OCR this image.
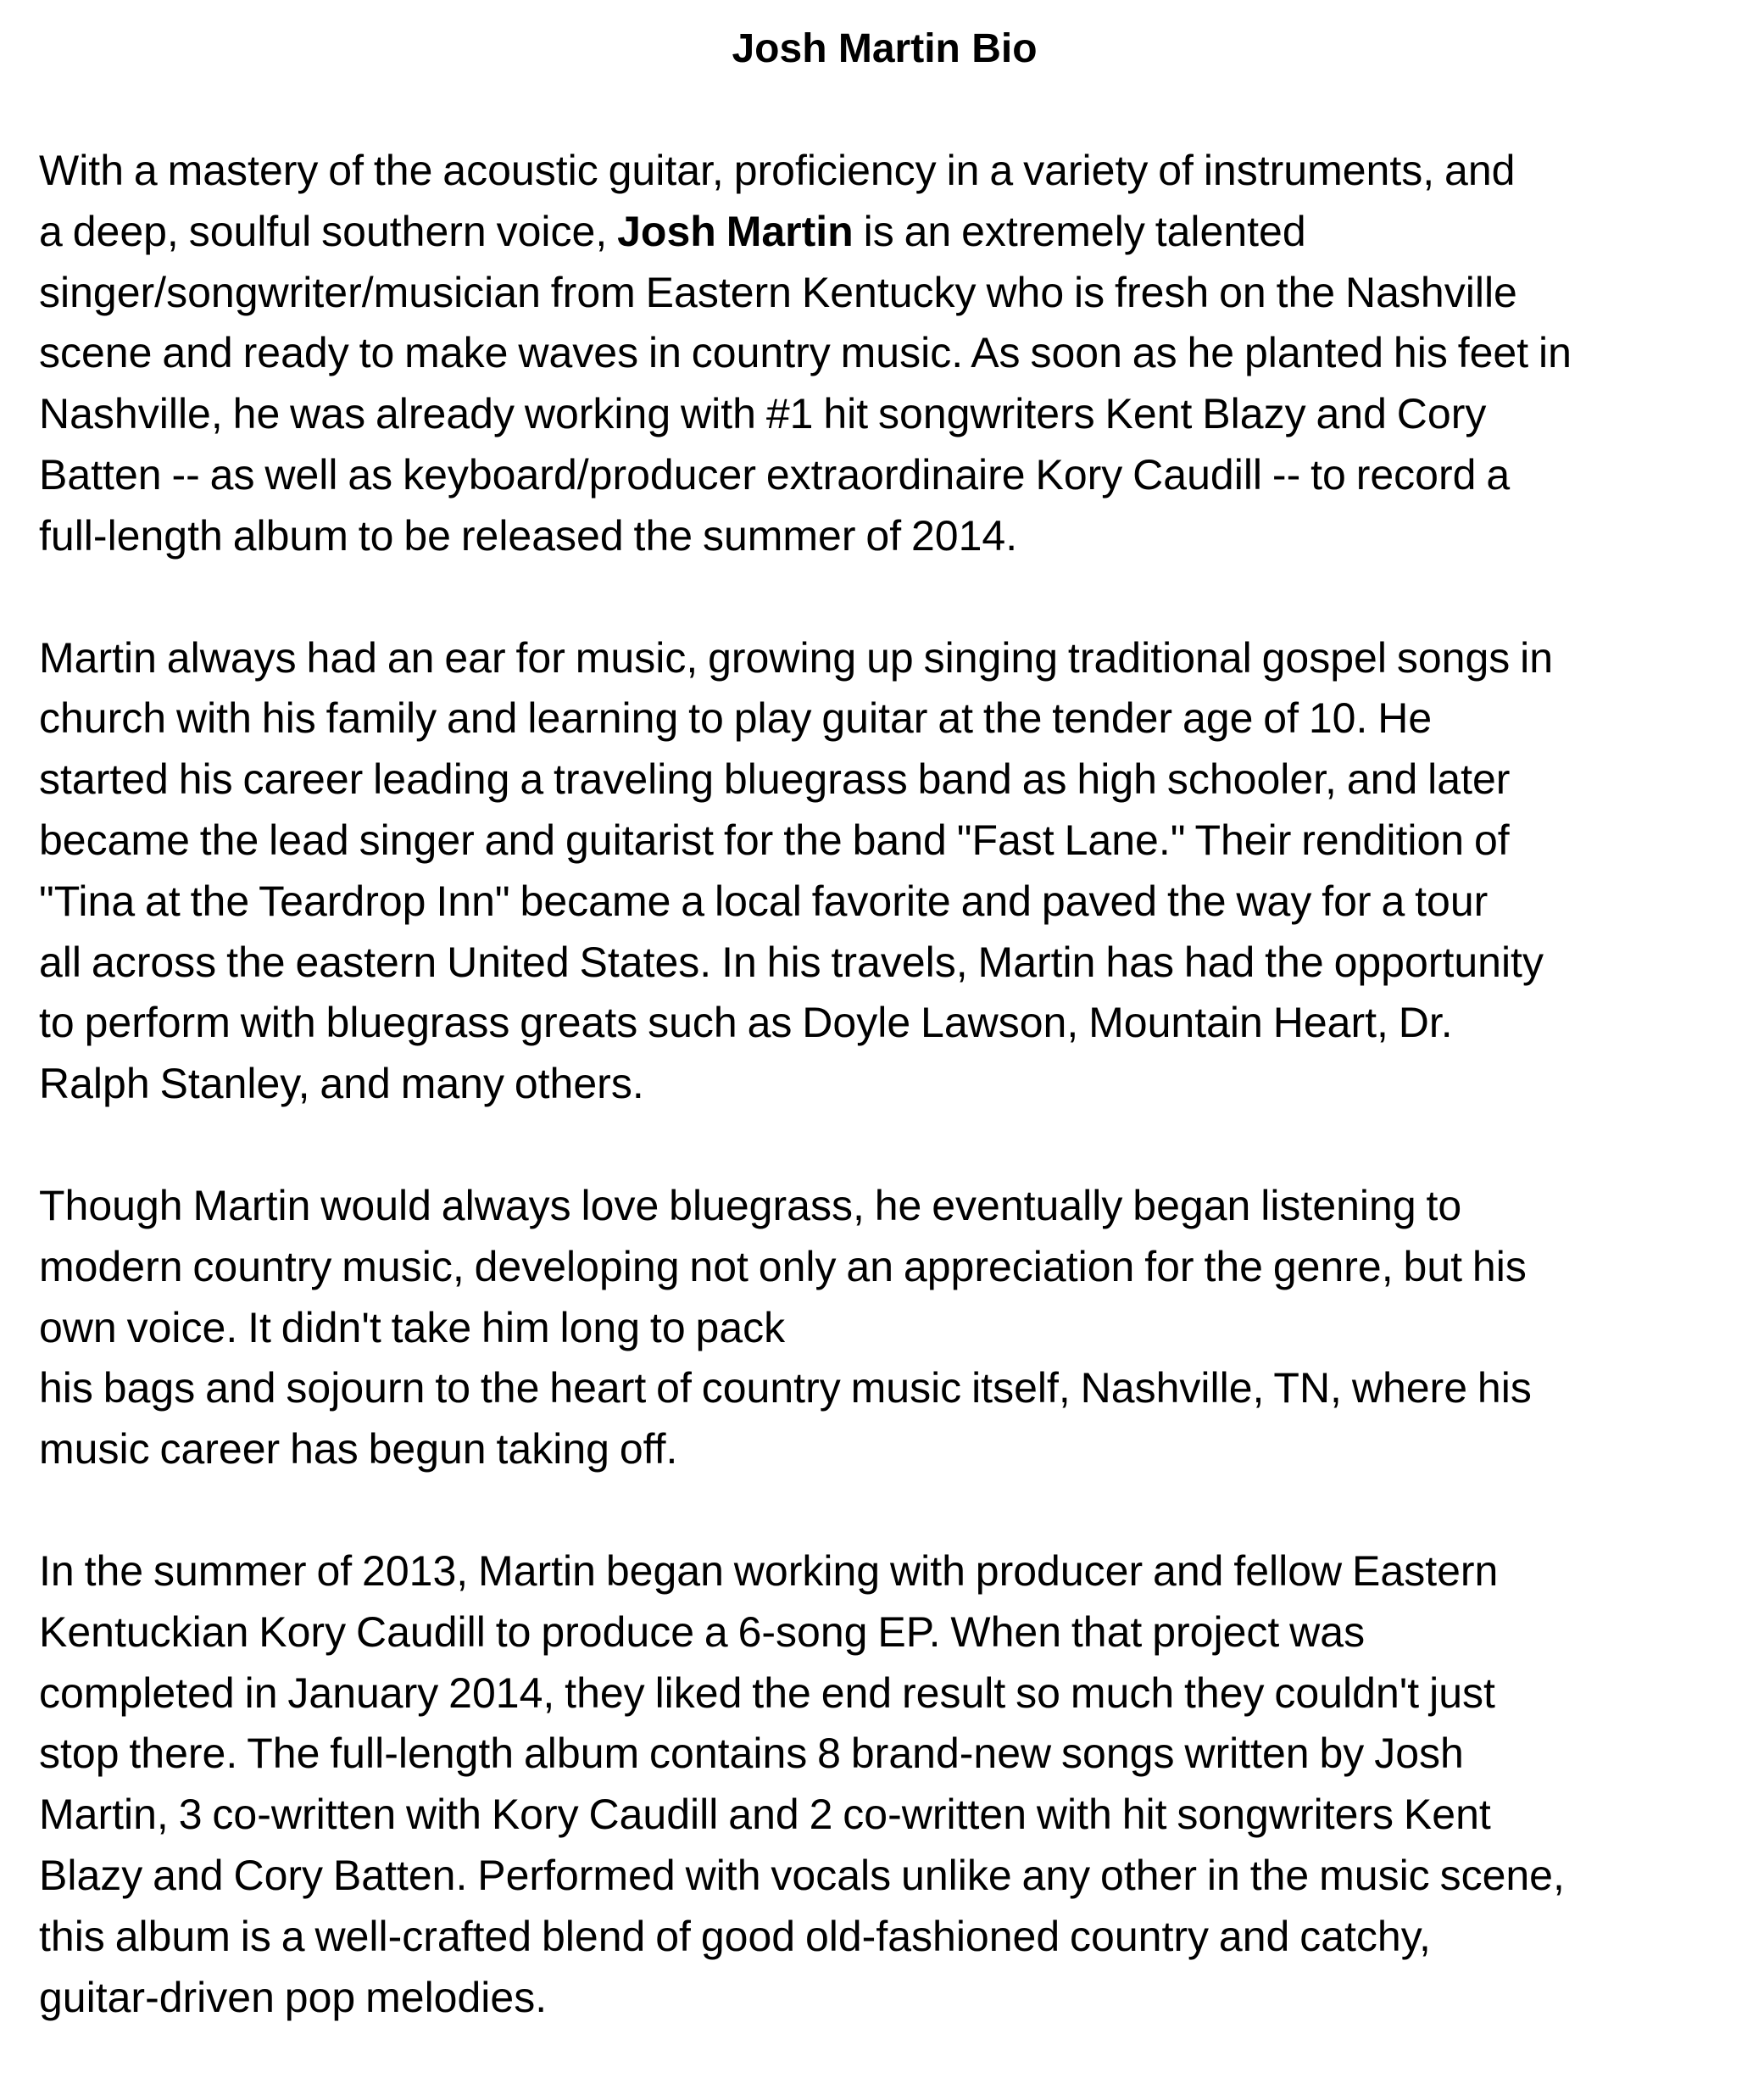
Josh Martin Bio
With a mastery of the acoustic guitar, proficiency in a variety of instruments, and
a deep, soulful southern voice, Josh Martin is an extremely talented
singer/songwriter/musician from Eastern Kentucky who is fresh on the Nashville
scene and ready to make waves in country music. As soon as he planted his feet in
Nashville, he was already working with #1 hit songwriters Kent Blazy and Cory
Batten -- as well as keyboard/producer extraordinaire Kory Caudill -- to record a
full-length album to be released the summer of 2014.
Martin always had an ear for music, growing up singing traditional gospel songs in
church with his family and learning to play guitar at the tender age of 10. He
started his career leading a traveling bluegrass band as high schooler, and later
became the lead singer and guitarist for the band "Fast Lane." Their rendition of
"Tina at the Teardrop Inn" became a local favorite and paved the way for a tour
all across the eastern United States. In his travels, Martin has had the opportunity
to perform with bluegrass greats such as Doyle Lawson, Mountain Heart, Dr.
Ralph Stanley, and many others.
Though Martin would always love bluegrass, he eventually began listening to
modern country music, developing not only an appreciation for the genre, but his
own voice. It didn't take him long to pack
his bags and sojourn to the heart of country music itself, Nashville, TN, where his
music career has begun taking off.
In the summer of 2013, Martin began working with producer and fellow Eastern
Kentuckian Kory Caudill to produce a 6-song EP. When that project was
completed in January 2014, they liked the end result so much they couldn't just
stop there. The full-length album contains 8 brand-new songs written by Josh
Martin, 3 co-written with Kory Caudill and 2 co-written with hit songwriters Kent
Blazy and Cory Batten. Performed with vocals unlike any other in the music scene,
this album is a well-crafted blend of good old-fashioned country and catchy,
guitar-driven pop melodies.
